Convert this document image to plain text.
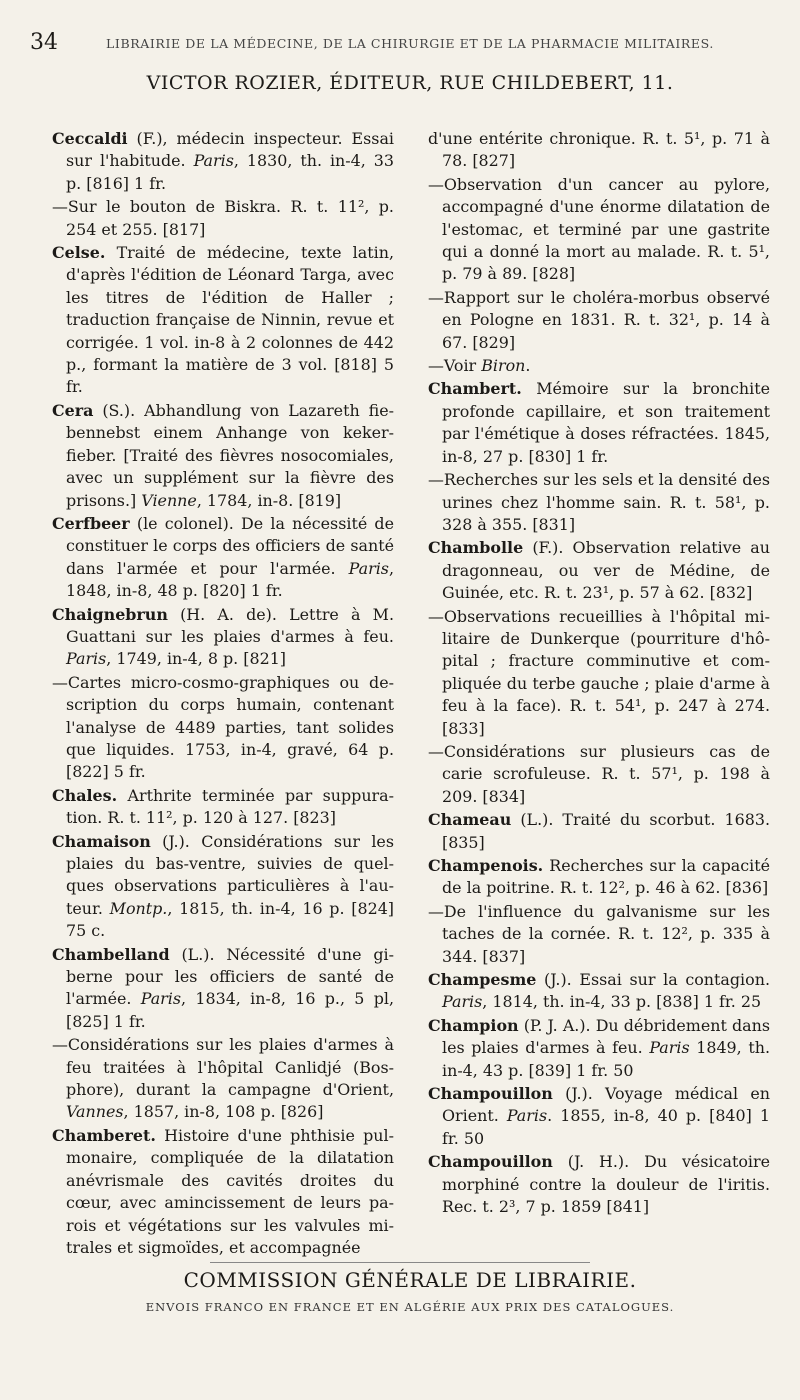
34	LIBRAIRIE DE LA MÉDECINE, DE LA CHIRURGIE ET DE LA PHARMACIE MILITAIRES.
VICTOR ROZIER, ÉDITEUR, RUE CHILDEBERT, 11.

Ceccaldi (F.), médecin inspecteur. Essai sur l'habitude. Paris, 1830, th. in-4, 33 p. [816] 1 fr.

—Sur le bouton de Biskra. R. t. 11², p. 254 et 255. [817]

Celse. Traité de médecine, texte latin, d'après l'édition de Léonard Targa, avec les titres de l'édition de Haller ; traduction française de Ninnin, revue et corrigée. 1 vol. in-8 à 2 colonnes de 442 p., formant la matière de 3 vol. [818] 5 fr.

Cera (S.). Abhandlung von Lazareth fie-bennebst einem Anhange von keker-fieber. [Traité des fièvres nosocomiales, avec un supplément sur la fièvre des prisons.] Vienne, 1784, in-8. [819]

Cerfbeer (le colonel). De la nécessité de constituer le corps des officiers de santé dans l'armée et pour l'armée. Paris, 1848, in-8, 48 p. [820] 1 fr.

Chaignebrun (H. A. de). Lettre à M. Guattani sur les plaies d'armes à feu. Paris, 1749, in-4, 8 p. [821]

—Cartes micro-cosmo-graphiques ou de-scription du corps humain, contenant l'analyse de 4489 parties, tant solides que liquides. 1753, in-4, gravé, 64 p. [822] 5 fr.

Chales. Arthrite terminée par suppura-tion. R. t. 11², p. 120 à 127. [823]

Chamaison (J.). Considérations sur les plaies du bas-ventre, suivies de quel-ques observations particulières à l'au-teur. Montp., 1815, th. in-4, 16 p. [824] 75 c.

Chambelland (L.). Nécessité d'une gi-berne pour les officiers de santé de l'armée. Paris, 1834, in-8, 16 p., 5 pl, [825] 1 fr.

—Considérations sur les plaies d'armes à feu traitées à l'hôpital Canlidjé (Bos-phore), durant la campagne d'Orient, Vannes, 1857, in-8, 108 p. [826]

Chamberet. Histoire d'une phthisie pul-monaire, compliquée de la dilatation anévrismale des cavités droites du cœur, avec amincissement de leurs pa-rois et végétations sur les valvules mi-trales et sigmoïdes, et accompagnée

d'une entérite chronique. R. t. 5¹, p. 71 à 78. [827]

—Observation d'un cancer au pylore, accompagné d'une énorme dilatation de l'estomac, et terminé par une gastrite qui a donné la mort au malade. R. t. 5¹, p. 79 à 89. [828]

—Rapport sur le choléra-morbus observé en Pologne en 1831. R. t. 32¹, p. 14 à 67. [829]

—Voir Biron.

Chambert. Mémoire sur la bronchite profonde capillaire, et son traitement par l'émétique à doses réfractées. 1845, in-8, 27 p. [830] 1 fr.

—Recherches sur les sels et la densité des urines chez l'homme sain. R. t. 58¹, p. 328 à 355. [831]

Chambolle (F.). Observation relative au dragonneau, ou ver de Médine, de Guinée, etc. R. t. 23¹, p. 57 à 62. [832]

—Observations recueillies à l'hôpital mi-litaire de Dunkerque (pourriture d'hô-pital ; fracture comminutive et com-pliquée du terbe gauche ; plaie d'arme à feu à la face). R. t. 54¹, p. 247 à 274. [833]

—Considérations sur plusieurs cas de carie scrofuleuse. R. t. 57¹, p. 198 à 209. [834]

Chameau (L.). Traité du scorbut. 1683. [835]

Champenois. Recherches sur la capacité de la poitrine. R. t. 12², p. 46 à 62. [836]

—De l'influence du galvanisme sur les taches de la cornée. R. t. 12², p. 335 à 344. [837]

Champesme (J.). Essai sur la contagion. Paris, 1814, th. in-4, 33 p. [838] 1 fr. 25

Champion (P. J. A.). Du débridement dans les plaies d'armes à feu. Paris 1849, th. in-4, 43 p. [839] 1 fr. 50

Champouillon (J.). Voyage médical en Orient. Paris. 1855, in-8, 40 p. [840] 1 fr. 50

Champouillon (J. H.). Du vésicatoire morphiné contre la douleur de l'iritis. Rec. t. 2³, 7 p. 1859 [841]

COMMISSION GÉNÉRALE DE LIBRAIRIE.
ENVOIS FRANCO EN FRANCE ET EN ALGÉRIE AUX PRIX DES CATALOGUES.
